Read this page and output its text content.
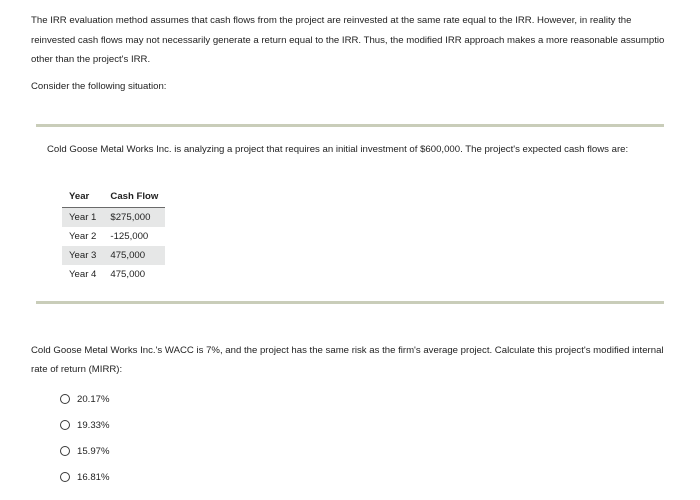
The IRR evaluation method assumes that cash flows from the project are reinvested at the same rate equal to the IRR. However, in reality the
reinvested cash flows may not necessarily generate a return equal to the IRR. Thus, the modified IRR approach makes a more reasonable assumptio
other than the project's IRR.
Consider the following situation:
Cold Goose Metal Works Inc. is analyzing a project that requires an initial investment of $600,000. The project's expected cash flows are:
Year	Cash Flow
Year 1	$275,000
Year 2	-125,000
Year 3	475,000
Year 4	475,000
Cold Goose Metal Works Inc.'s WACC is 7%, and the project has the same risk as the firm's average project. Calculate this project's modified internal
rate of return (MIRR):
20.17%
19.33%
15.97%
16.81%
